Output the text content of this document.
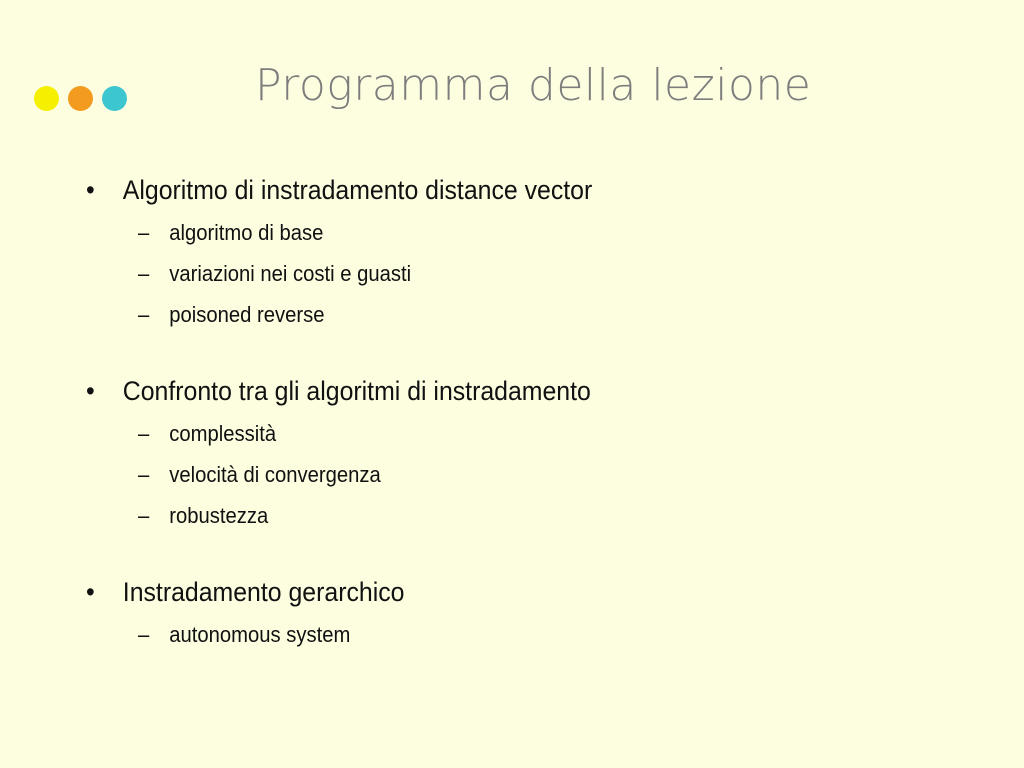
Programma della lezione
•	Algoritmo di instradamento distance vector
– algoritmo di base
– variazioni nei costi e guasti
– poisoned reverse
•	Confronto tra gli algoritmi di instradamento
– complessità
– velocità di convergenza
– robustezza
•	Instradamento gerarchico
– autonomous system
